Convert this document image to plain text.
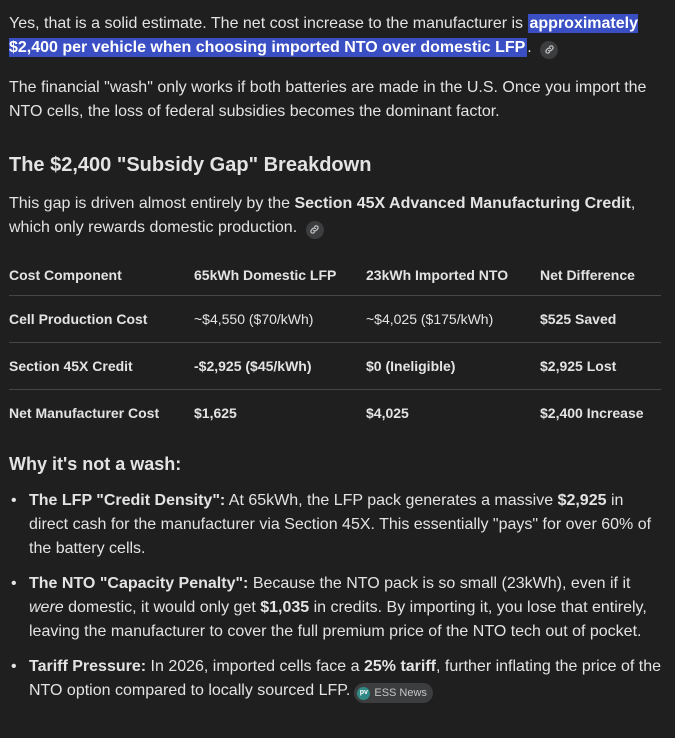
Yes, that is a solid estimate. The net cost increase to the manufacturer is approximately $2,400 per vehicle when choosing imported NTO over domestic LFP .

The financial "wash" only works if both batteries are made in the U.S. Once you import the NTO cells, the loss of federal subsidies becomes the dominant factor.

The $2,400 "Subsidy Gap" Breakdown

This gap is driven almost entirely by the Section 45X Advanced Manufacturing Credit, which only rewards domestic production.

Cost Component	65kWh Domestic LFP	23kWh Imported NTO	Net Difference
Cell Production Cost	~$4,550 ($70/kWh)	~$4,025 ($175/kWh)	$525 Saved
Section 45X Credit	-$2,925 ($45/kWh)	$0 (Ineligible)	$2,925 Lost
Net Manufacturer Cost	$1,625	$4,025	$2,400 Increase
Why it's not a wash:
• The LFP "Credit Density": At 65kWh, the LFP pack generates a massive $2,925 in direct cash for the manufacturer via Section 45X. This essentially "pays" for over 60% of the battery cells.
• The NTO "Capacity Penalty": Because the NTO pack is so small (23kWh), even if it were domestic, it would only get $1,035 in credits. By importing it, you lose that entirely, leaving the manufacturer to cover the full premium price of the NTO tech out of pocket.
• Tariff Pressure: In 2026, imported cells face a 25% tariff, further inflating the price of the NTO option compared to locally sourced LFP.	pv ESS News
